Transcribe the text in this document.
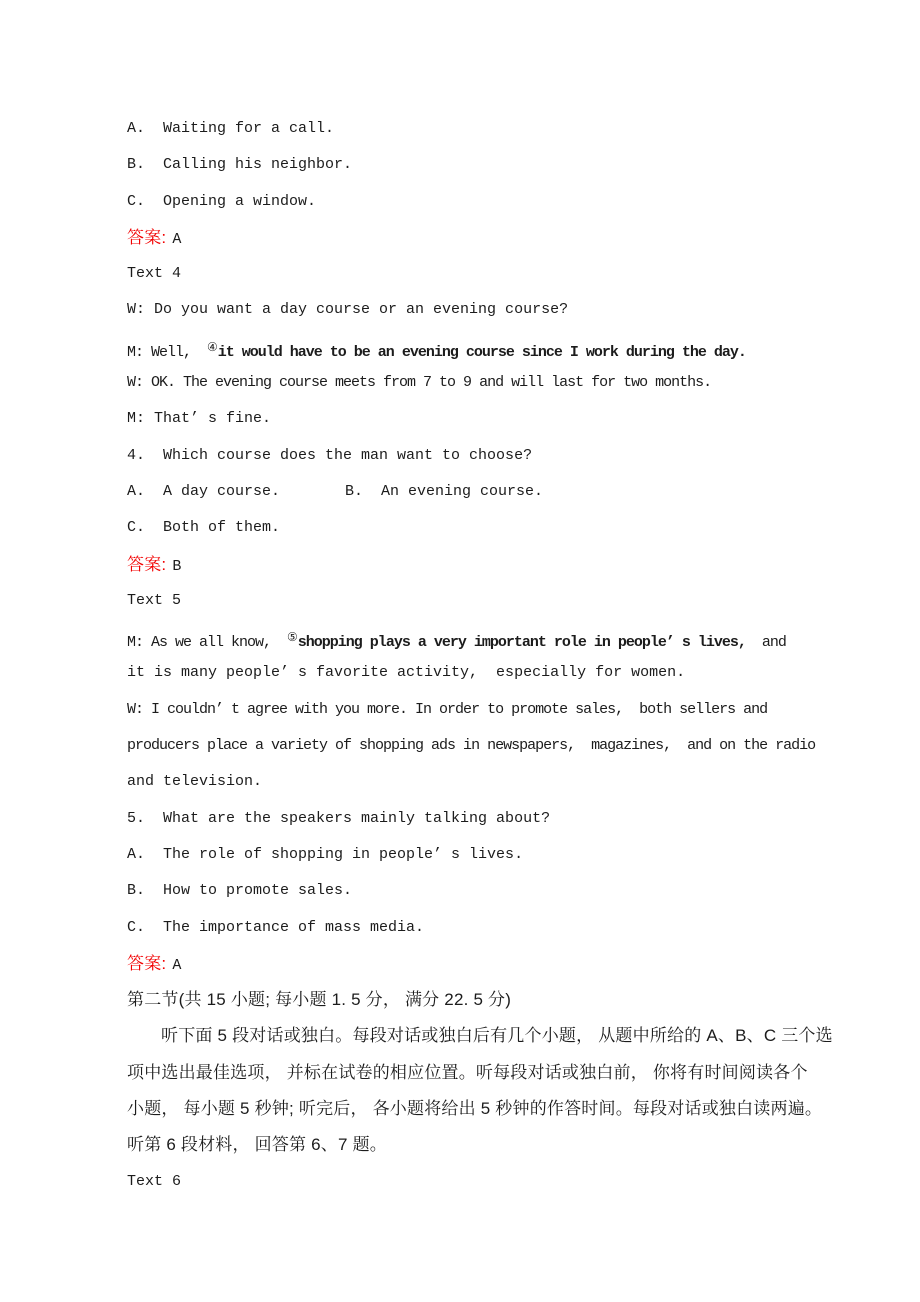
A.  Waiting for a call.
B.  Calling his neighbor.
C.  Opening a window.
答案: A
Text 4
W: Do you want a day course or an evening course?
M: Well,  ④it would have to be an evening course since I work during the day.
W: OK. The evening course meets from 7 to 9 and will last for two months.
M: That’ s fine.
4.  Which course does the man want to choose?
A.  A day course.	B.  An evening course.
C.  Both of them.
答案: B
Text 5
M: As we all know,  ⑤shopping plays a very important role in people’ s lives,  and
it is many people’ s favorite activity,  especially for women.
W: I couldn’ t agree with you more. In order to promote sales,  both sellers and
producers place a variety of shopping ads in newspapers,  magazines,  and on the radio
and television.
5.  What are the speakers mainly talking about?
A.  The role of shopping in people’ s lives.
B.  How to promote sales.
C.  The importance of mass media.
答案: A
第二节(共 15 小题; 每小题 1. 5 分， 满分 22. 5 分)
听下面 5 段对话或独白。每段对话或独白后有几个小题， 从题中所给的 A、B、C 三个选
项中选出最佳选项， 并标在试卷的相应位置。听每段对话或独白前， 你将有时间阅读各个
小题， 每小题 5 秒钟; 听完后， 各小题将给出 5 秒钟的作答时间。每段对话或独白读两遍。
听第 6 段材料， 回答第 6、7 题。
Text 6
